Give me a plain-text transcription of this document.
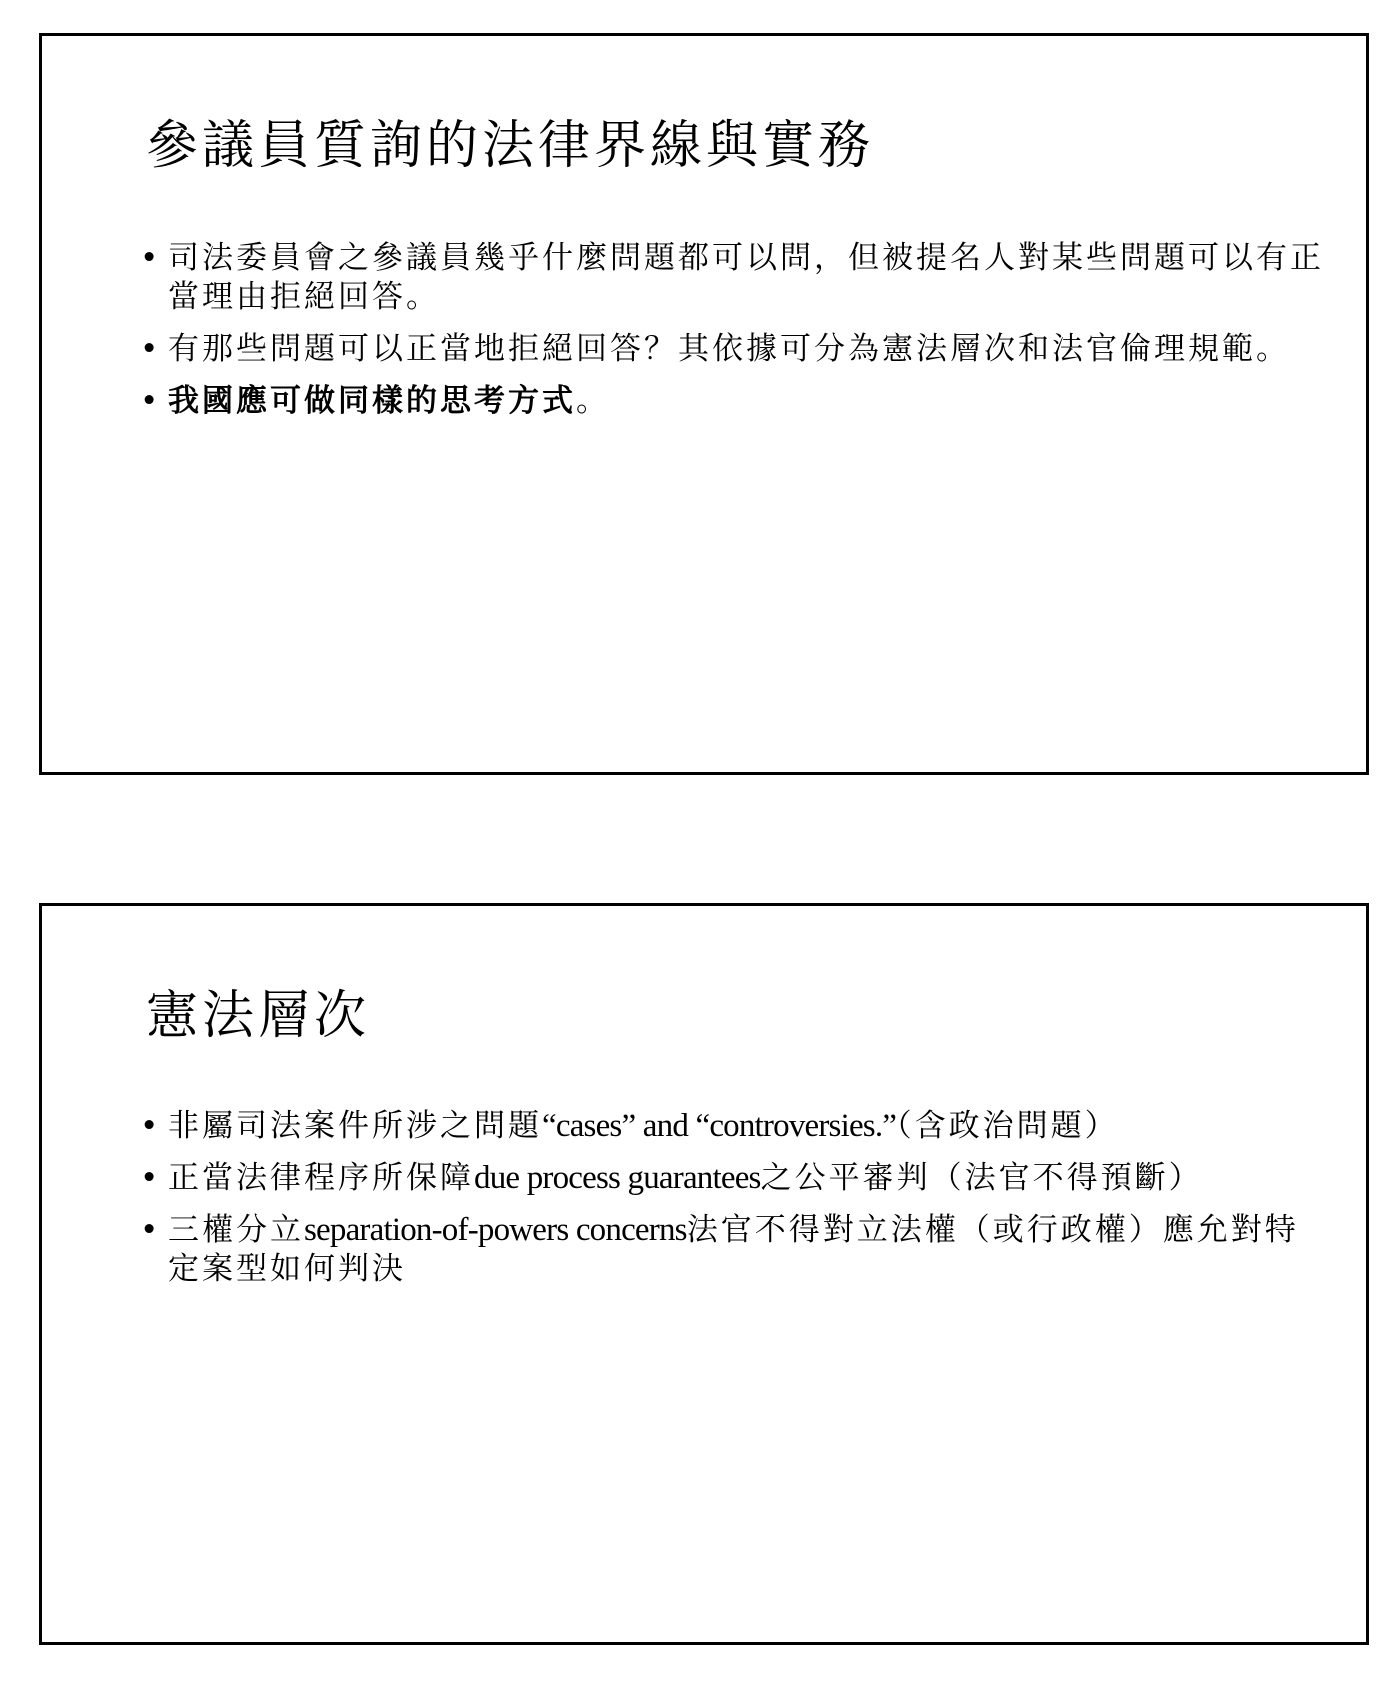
參議員質詢的法律界線與實務
• 司法委員會之參議員幾乎什麼問題都可以問，但被提名人對某些問題可以有正當理由拒絕回答。
• 有那些問題可以正當地拒絕回答？其依據可分為憲法層次和法官倫理規範。
• 我國應可做同樣的思考方式。
憲法層次
• 非屬司法案件所涉之問題“cases” and “controversies.”（含政治問題）
• 正當法律程序所保障due process guarantees之公平審判（法官不得預斷）
• 三權分立separation-of-powers concerns法官不得對立法權（或行政權）應允對特定案型如何判決
